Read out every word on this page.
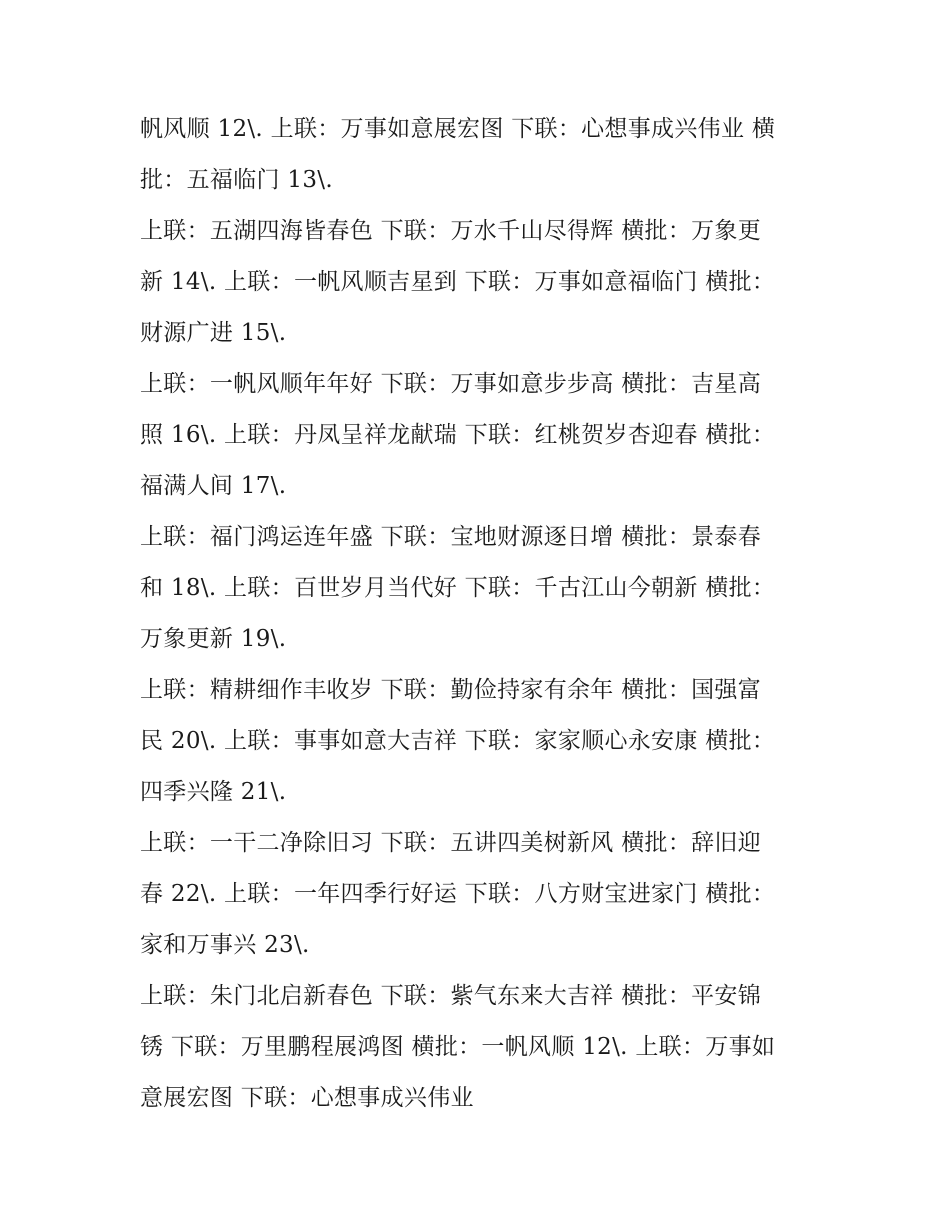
帆风顺 12\. 上联：万事如意展宏图 下联：心想事成兴伟业 横
批：五福临门 13\.
上联：五湖四海皆春色 下联：万水千山尽得辉 横批：万象更
新 14\. 上联：一帆风顺吉星到 下联：万事如意福临门 横批：
财源广进 15\.
上联：一帆风顺年年好 下联：万事如意步步高 横批：吉星高
照 16\. 上联：丹凤呈祥龙献瑞 下联：红桃贺岁杏迎春 横批：
福满人间 17\.
上联：福门鸿运连年盛 下联：宝地财源逐日增 横批：景泰春
和 18\. 上联：百世岁月当代好 下联：千古江山今朝新 横批：
万象更新 19\.
上联：精耕细作丰收岁 下联：勤俭持家有余年 横批：国强富
民 20\. 上联：事事如意大吉祥 下联：家家顺心永安康 横批：
四季兴隆 21\.
上联：一干二净除旧习 下联：五讲四美树新风 横批：辞旧迎
春 22\. 上联：一年四季行好运 下联：八方财宝进家门 横批：
家和万事兴 23\.
上联：朱门北启新春色 下联：紫气东来大吉祥 横批：平安锦
锈 下联：万里鹏程展鸿图 横批：一帆风顺 12\. 上联：万事如
意展宏图 下联：心想事成兴伟业
